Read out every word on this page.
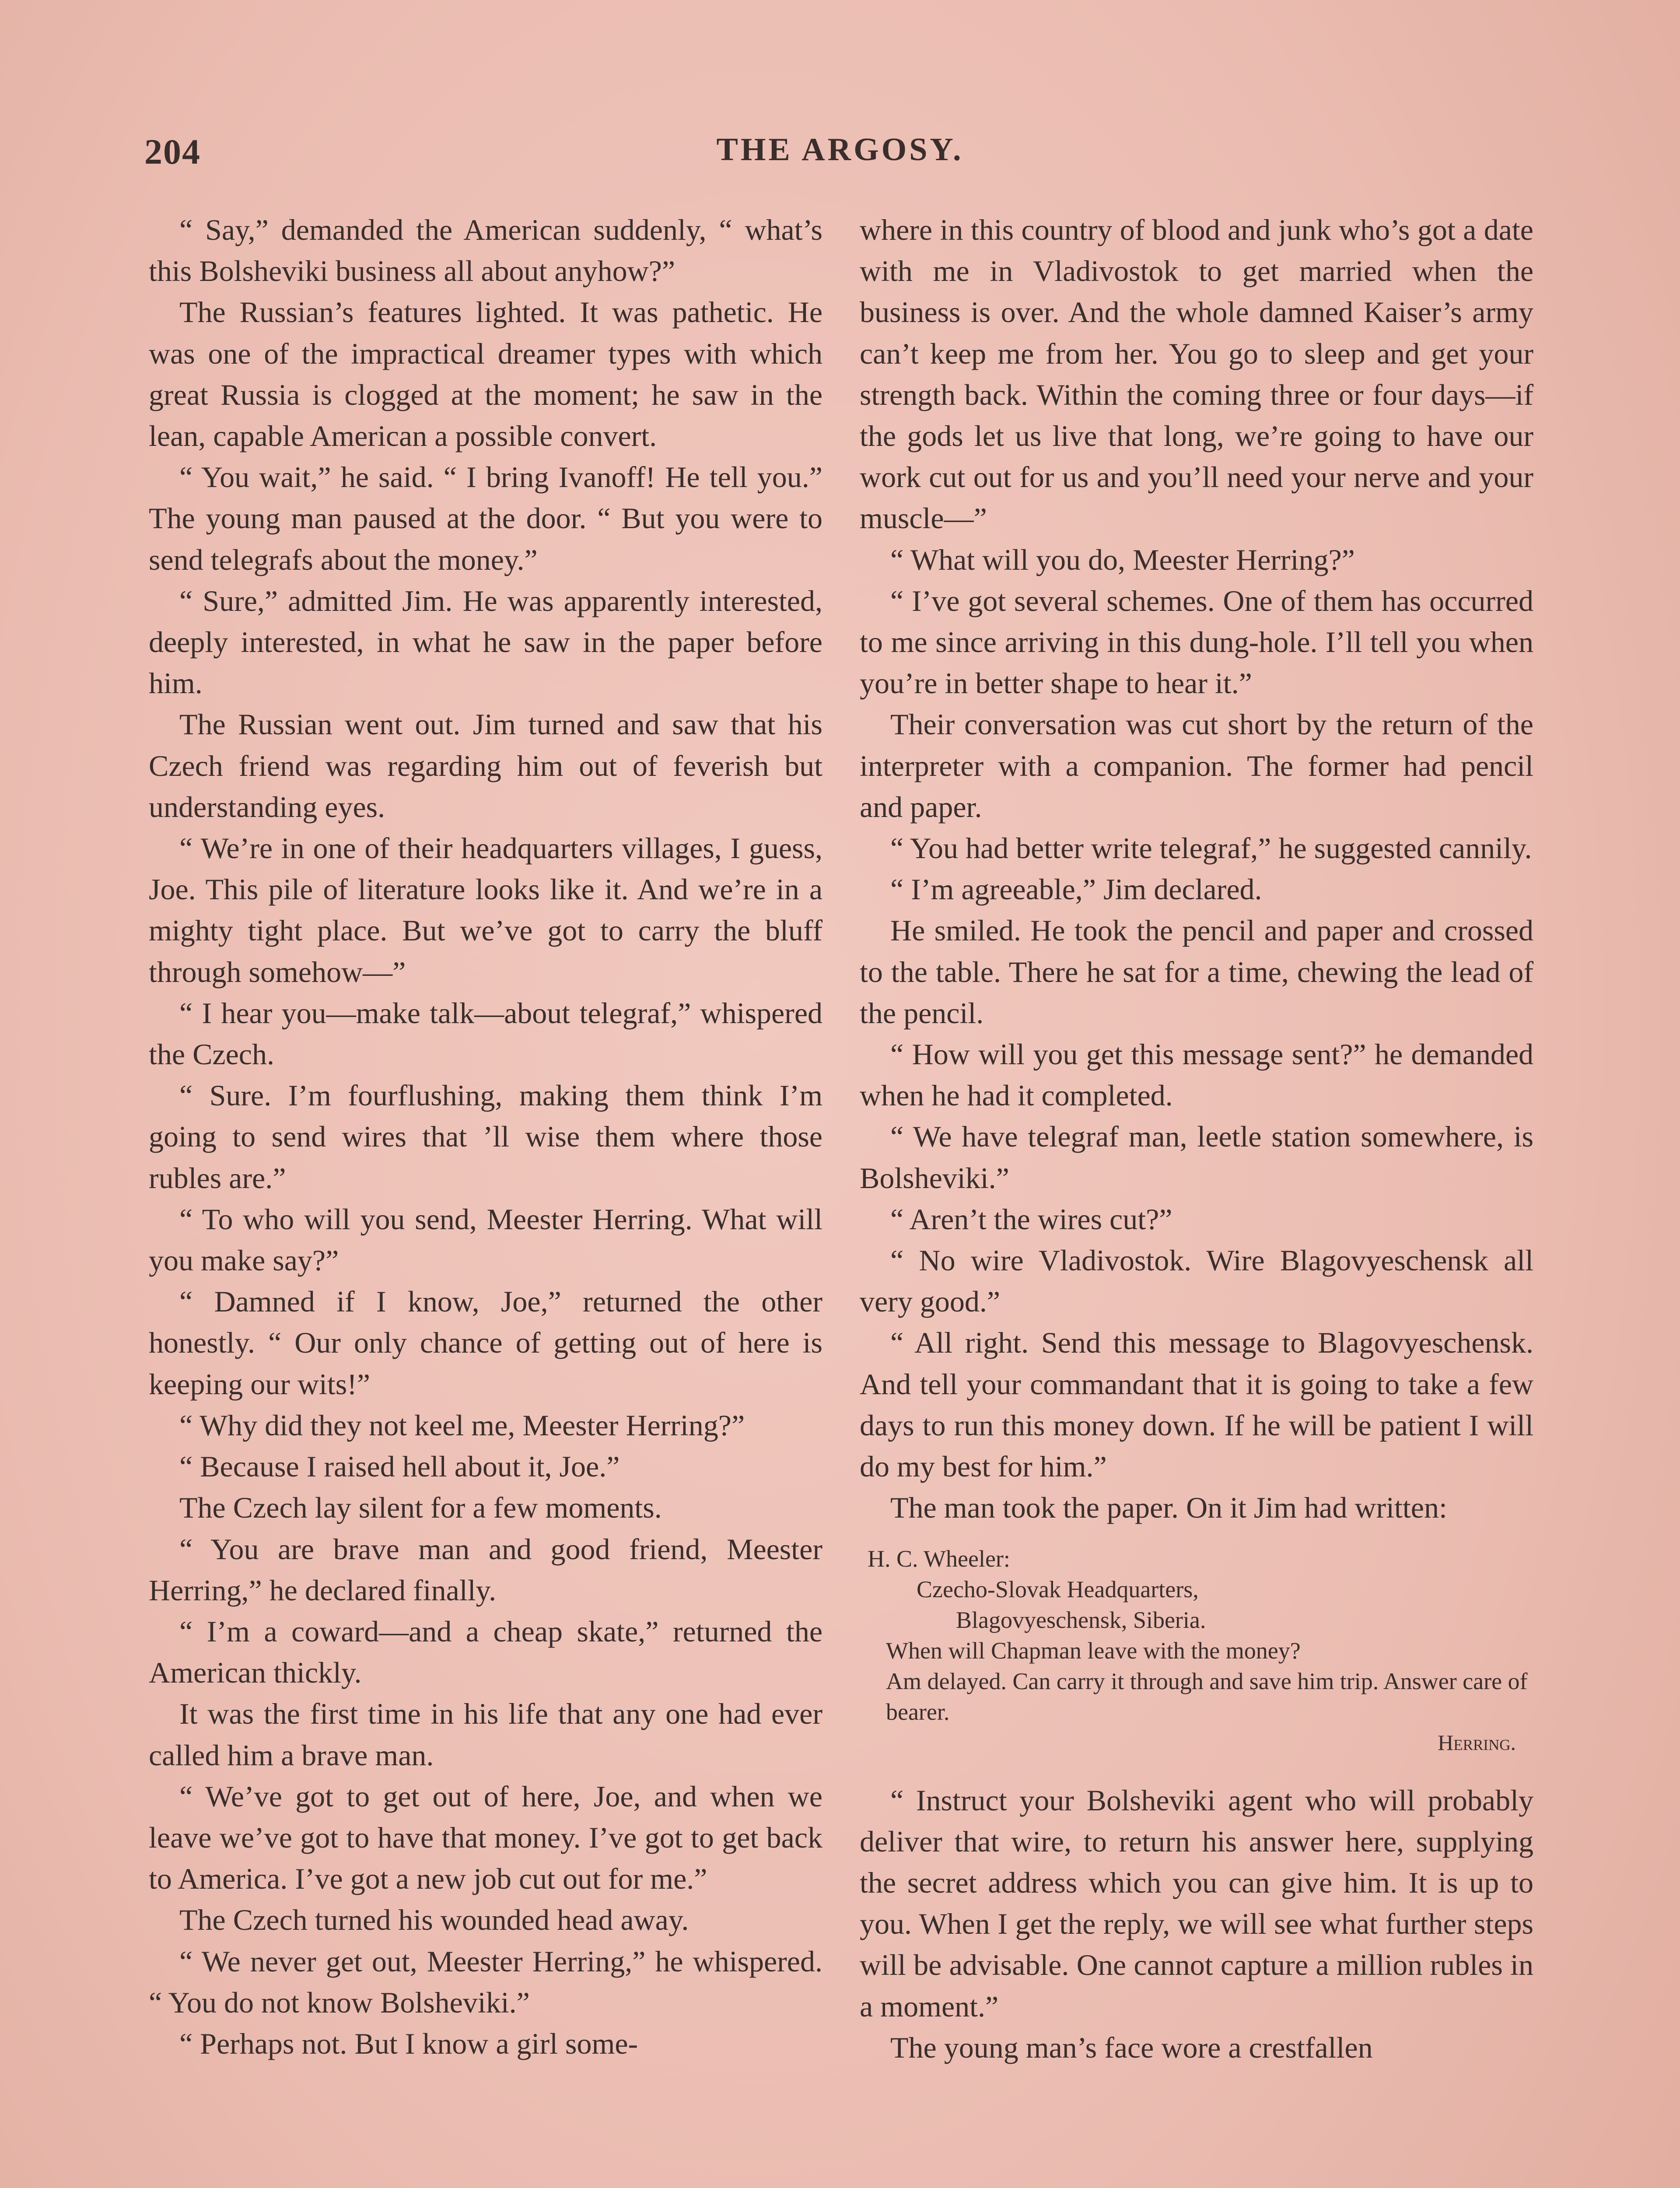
204	THE ARGOSY.

“ Say,” demanded the American suddenly, “ what’s this Bolsheviki business all about anyhow?”

The Russian’s features lighted. It was pathetic. He was one of the impractical dreamer types with which great Russia is clogged at the moment; he saw in the lean, capable American a possible convert.

“ You wait,” he said. “ I bring Ivanoff! He tell you.” The young man paused at the door. “ But you were to send telegrafs about the money.”

“ Sure,” admitted Jim. He was apparently interested, deeply interested, in what he saw in the paper before him.

The Russian went out. Jim turned and saw that his Czech friend was regarding him out of feverish but understanding eyes.

“ We’re in one of their headquarters villages, I guess, Joe. This pile of literature looks like it. And we’re in a mighty tight place. But we’ve got to carry the bluff through somehow—”

“ I hear you—make talk—about telegraf,” whispered the Czech.

“ Sure. I’m fourflushing, making them think I’m going to send wires that ’ll wise them where those rubles are.”

“ To who will you send, Meester Herring. What will you make say?”

“ Damned if I know, Joe,” returned the other honestly. “ Our only chance of getting out of here is keeping our wits!”

“ Why did they not keel me, Meester Herring?”

“ Because I raised hell about it, Joe.”

The Czech lay silent for a few moments.

“ You are brave man and good friend, Meester Herring,” he declared finally.

“ I’m a coward—and a cheap skate,” returned the American thickly.

It was the first time in his life that any one had ever called him a brave man.

“ We’ve got to get out of here, Joe, and when we leave we’ve got to have that money. I’ve got to get back to America. I’ve got a new job cut out for me.”

The Czech turned his wounded head away.

“ We never get out, Meester Herring,” he whispered. “ You do not know Bolsheviki.”

“ Perhaps not. But I know a girl some-

where in this country of blood and junk who’s got a date with me in Vladivostok to get married when the business is over. And the whole damned Kaiser’s army can’t keep me from her. You go to sleep and get your strength back. Within the coming three or four days—if the gods let us live that long, we’re going to have our work cut out for us and you’ll need your nerve and your muscle—”

“ What will you do, Meester Herring?”

“ I’ve got several schemes. One of them has occurred to me since arriving in this dung-hole. I’ll tell you when you’re in better shape to hear it.”

Their conversation was cut short by the return of the interpreter with a companion. The former had pencil and paper.

“ You had better write telegraf,” he suggested cannily.

“ I’m agreeable,” Jim declared.

He smiled. He took the pencil and paper and crossed to the table. There he sat for a time, chewing the lead of the pencil.

“ How will you get this message sent?” he demanded when he had it completed.

“ We have telegraf man, leetle station somewhere, is Bolsheviki.”

“ Aren’t the wires cut?”

“ No wire Vladivostok. Wire Blagovyeschensk all very good.”

“ All right. Send this message to Blagovyeschensk. And tell your commandant that it is going to take a few days to run this money down. If he will be patient I will do my best for him.”

The man took the paper. On it Jim had written:

H. C. Wheeler:
Czecho-Slovak Headquarters,
Blagovyeschensk, Siberia.
When will Chapman leave with the money?
Am delayed. Can carry it through and save him trip. Answer care of bearer.
Herring.

“ Instruct your Bolsheviki agent who will probably deliver that wire, to return his answer here, supplying the secret address which you can give him. It is up to you. When I get the reply, we will see what further steps will be advisable. One cannot capture a million rubles in a moment.”

The young man’s face wore a crestfallen
